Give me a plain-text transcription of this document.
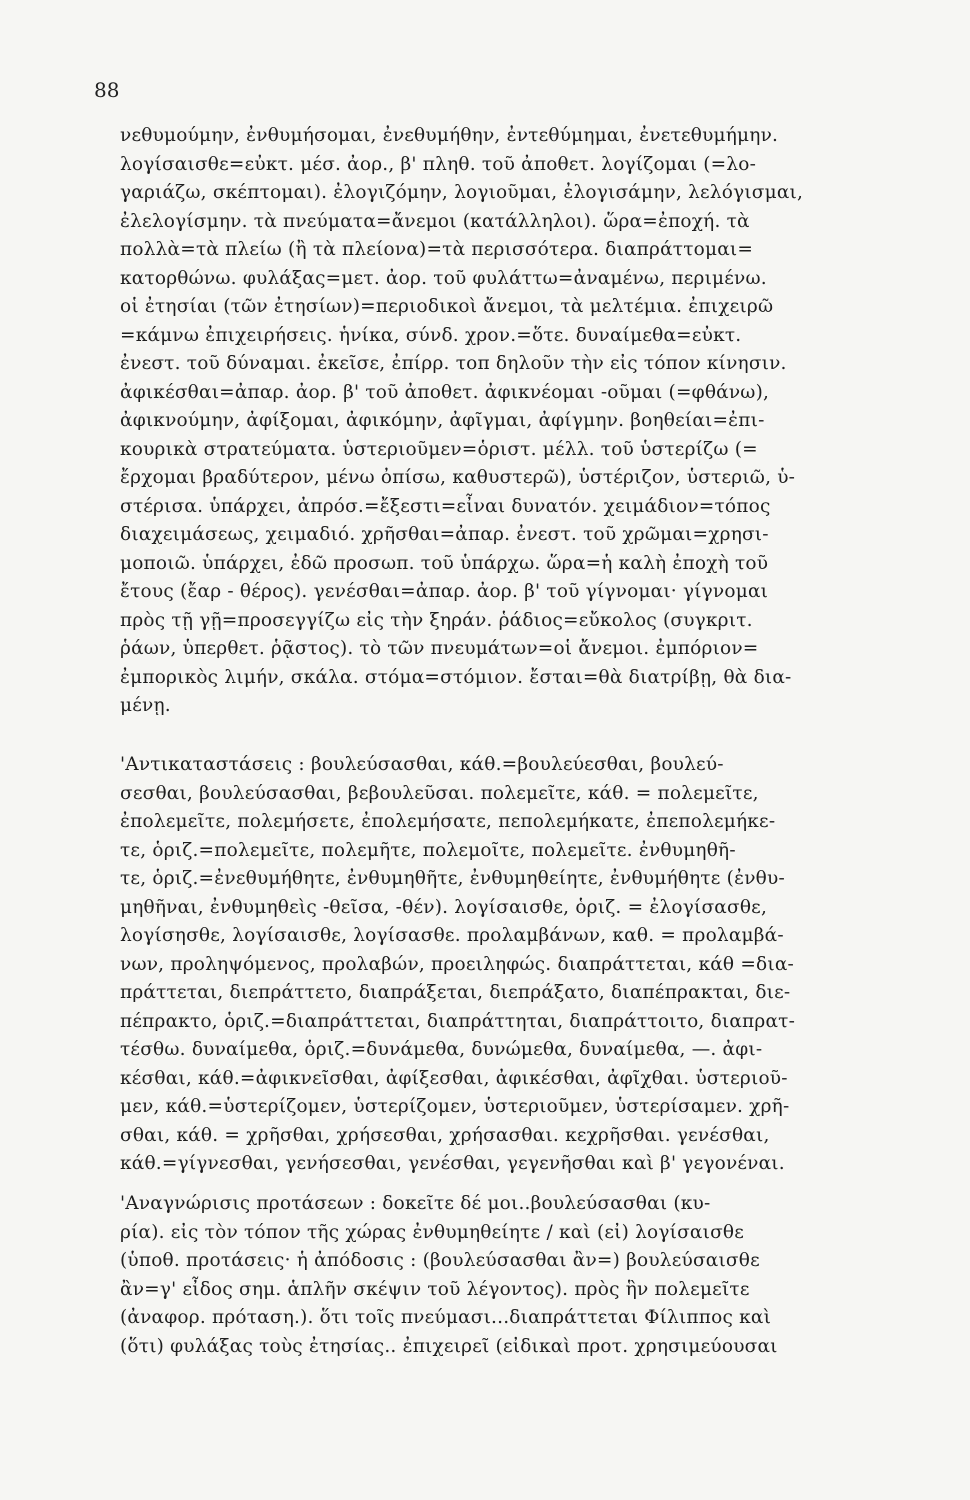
88
νεθυμούμην, ἐνθυμήσομαι, ἐνεθυμήθην, ἐντεθύμημαι, ἐνετεθυμήμην.
λογίσαισθε=εὐκτ. μέσ. ἀορ., β' πληθ. τοῦ ἀποθετ. λογίζομαι (=λο-
γαριάζω, σκέπτομαι). ἐλογιζόμην, λογιοῦμαι, ἐλογισάμην, λελόγισμαι,
ἐλελογίσμην. τὰ πνεύματα=ἄνεμοι (κατάλληλοι). ὥρα=ἐποχή. τὰ
πολλὰ=τὰ πλείω (ἢ τὰ πλείονα)=τὰ περισσότερα. διαπράττομαι=
κατορθώνω. φυλάξας=μετ. ἀορ. τοῦ φυλάττω=ἀναμένω, περιμένω.
οἱ ἐτησίαι (τῶν ἐτησίων)=περιοδικοὶ ἄνεμοι, τὰ μελτέμια. ἐπιχειρῶ
=κάμνω ἐπιχειρήσεις. ἡνίκα, σύνδ. χρον.=ὅτε. δυναίμεθα=εὐκτ.
ἐνεστ. τοῦ δύναμαι. ἐκεῖσε, ἐπίρρ. τοπ δηλοῦν τὴν εἰς τόπον κίνησιν.
ἀφικέσθαι=ἀπαρ. ἀορ. β' τοῦ ἀποθετ. ἀφικνέομαι -οῦμαι (=φθάνω),
ἀφικνούμην, ἀφίξομαι, ἀφικόμην, ἀφῖγμαι, ἀφίγμην. βοηθείαι=ἐπι-
κουρικὰ στρατεύματα. ὑστεριοῦμεν=ὁριστ. μέλλ. τοῦ ὑστερίζω (=
ἔρχομαι βραδύτερον, μένω ὀπίσω, καθυστερῶ), ὑστέριζον, ὑστεριῶ, ὑ-
στέρισα. ὑπάρχει, ἀπρόσ.=ἔξεστι=εἶναι δυνατόν. χειμάδιον=τόπος
διαχειμάσεως, χειμαδιό. χρῆσθαι=ἀπαρ. ἐνεστ. τοῦ χρῶμαι=χρησι-
μοποιῶ. ὑπάρχει, ἐδῶ προσωπ. τοῦ ὑπάρχω. ὥρα=ἡ καλὴ ἐποχὴ τοῦ
ἔτους (ἔαρ - θέρος). γενέσθαι=ἀπαρ. ἀορ. β' τοῦ γίγνομαι· γίγνομαι
πρὸς τῇ γῇ=προσεγγίζω εἰς τὴν ξηράν. ῥάδιος=εὔκολος (συγκριτ.
ῥάων, ὑπερθετ. ῥᾷστος). τὸ τῶν πνευμάτων=οἱ ἄνεμοι. ἐμπόριον=
ἐμπορικὸς λιμήν, σκάλα. στόμα=στόμιον. ἔσται=θὰ διατρίβῃ, θὰ δια-
μένῃ.
'Αντικαταστάσεις : βουλεύσασθαι, κάθ.=βουλεύεσθαι, βουλεύ-
σεσθαι, βουλεύσασθαι, βεβουλεῦσαι. πολεμεῖτε, κάθ. = πολεμεῖτε,
ἐπολεμεῖτε, πολεμήσετε, ἐπολεμήσατε, πεπολεμήκατε, ἐπεπολεμήκε-
τε, ὁριζ.=πολεμεῖτε, πολεμῆτε, πολεμοῖτε, πολεμεῖτε. ἐνθυμηθῆ-
τε, ὁριζ.=ἐνεθυμήθητε, ἐνθυμηθῆτε, ἐνθυμηθείητε, ἐνθυμήθητε (ἐνθυ-
μηθῆναι, ἐνθυμηθεὶς -θεῖσα, -θέν). λογίσαισθε, ὁριζ. = ἐλογίσασθε,
λογίσησθε, λογίσαισθε, λογίσασθε. προλαμβάνων, καθ. = προλαμβά-
νων, προληψόμενος, προλαβών, προειληφώς. διαπράττεται, κάθ =δια-
πράττεται, διεπράττετο, διαπράξεται, διεπράξατο, διαπέπρακται, διε-
πέπρακτο, ὁριζ.=διαπράττεται, διαπράττηται, διαπράττοιτο, διαπρατ-
τέσθω. δυναίμεθα, ὁριζ.=δυνάμεθα, δυνώμεθα, δυναίμεθα, —. ἀφι-
κέσθαι, κάθ.=ἀφικνεῖσθαι, ἀφίξεσθαι, ἀφικέσθαι, ἀφῖχθαι. ὑστεριοῦ-
μεν, κάθ.=ὑστερίζομεν, ὑστερίζομεν, ὑστεριοῦμεν, ὑστερίσαμεν. χρῆ-
σθαι, κάθ. = χρῆσθαι, χρήσεσθαι, χρήσασθαι. κεχρῆσθαι. γενέσθαι,
κάθ.=γίγνεσθαι, γενήσεσθαι, γενέσθαι, γεγενῆσθαι καὶ β' γεγονέναι.
'Αναγνώρισις προτάσεων : δοκεῖτε δέ μοι..βουλεύσασθαι (κυ-
ρία). εἰς τὸν τόπον τῆς χώρας ἐνθυμηθείητε / καὶ (εἰ) λογίσαισθε
(ὑποθ. προτάσεις· ἡ ἀπόδοσις : (βουλεύσασθαι ἂν=) βουλεύσαισθε
ἂν=γ' εἶδος σημ. ἁπλῆν σκέψιν τοῦ λέγοντος). πρὸς ἣν πολεμεῖτε
(ἀναφορ. πρόταση.). ὅτι τοῖς πνεύμασι...διαπράττεται Φίλιππος καὶ
(ὅτι) φυλάξας τοὺς ἐτησίας.. ἐπιχειρεῖ (εἰδικαὶ προτ. χρησιμεύουσαι
